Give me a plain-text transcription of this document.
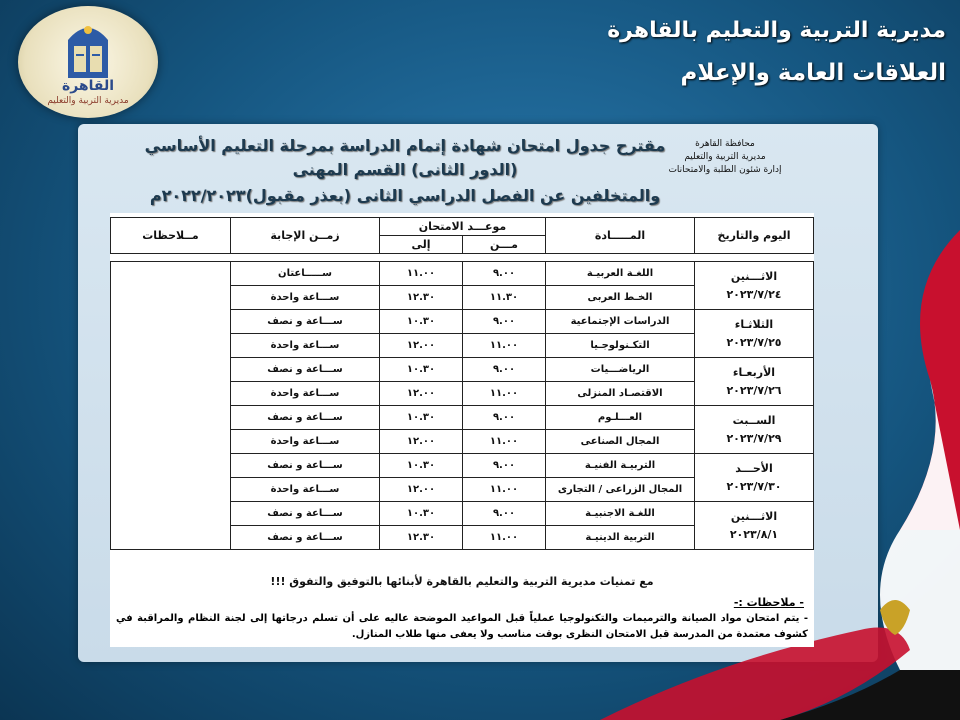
القاهرة
مديرية التربية والتعليم
مديرية التربية والتعليم بالقاهرة
العلاقات العامة والإعلام
محافظة القاهرة
مديرية التربية والتعليم
إدارة شئون الطلبة والامتحانات
مقترح جدول امتحان شهادة إتمام الدراسة بمرحلة التعليم الأساسي
(الدور الثانى) القسم المهنى
والمتخلفين عن الفصل الدراسي الثانى (بعذر مقبول)٢٠٢٢/٢٠٢٣م
اليوم والتاريخ	المـــــادة	موعـــد الامتحان		زمــن الإجابة	مــلاحظات
		مـــن	إلى		

الاثـــنين
٢٠٢٣/٧/٢٤	اللغـة العربيـة	٩.٠٠	١١.٠٠	ســـــاعتان	
	الخـط العربى	١١.٣٠	١٢.٣٠	ســـاعة واحدة	

الثلاثـاء
٢٠٢٣/٧/٢٥	الدراسات الإجتماعية	٩.٠٠	١٠.٣٠	ســـاعة و نصف	
	التكـنولوجـيا	١١.٠٠	١٢.٠٠	ســـاعة واحدة	

الأربعـاء
٢٠٢٣/٧/٢٦	الرياضـــيات	٩.٠٠	١٠.٣٠	ســـاعة و نصف	
	الاقتصـاد المنزلى	١١.٠٠	١٢.٠٠	ســـاعة واحدة	

الســبت
٢٠٢٣/٧/٢٩	العـــلـوم	٩.٠٠	١٠.٣٠	ســـاعة و نصف	
	المجال الصناعى	١١.٠٠	١٢.٠٠	ســـاعة واحدة	

الأحـــد
٢٠٢٣/٧/٣٠	التربيـة الفنيـة	٩.٠٠	١٠.٣٠	ســـاعة و نصف	
	المجال الزراعى / التجارى	١١.٠٠	١٢.٠٠	ســـاعة واحدة	

الاثـــنين
٢٠٢٣/٨/١	اللغـة الاجنبيـة	٩.٠٠	١٠.٣٠	ســـاعة و نصف	
	التربية الدينيـة	١١.٠٠	١٢.٣٠	ســـاعة و نصف	
مع تمنيات مديرية التربية والتعليم بالقاهرة لأبنائها بالتوفيق والتفوق !!!
- ملاحظات :-
- يتم امتحان مواد الصيانة والترميمات والتكنولوجيا عملياً قبل المواعيد الموضحة عاليه على أن تسلم درجاتها إلى لجنة النظام والمراقبة في كشوف معتمدة من المدرسة قبل الامتحان النظرى بوقت مناسب ولا يعفى منها طلاب المنازل.
